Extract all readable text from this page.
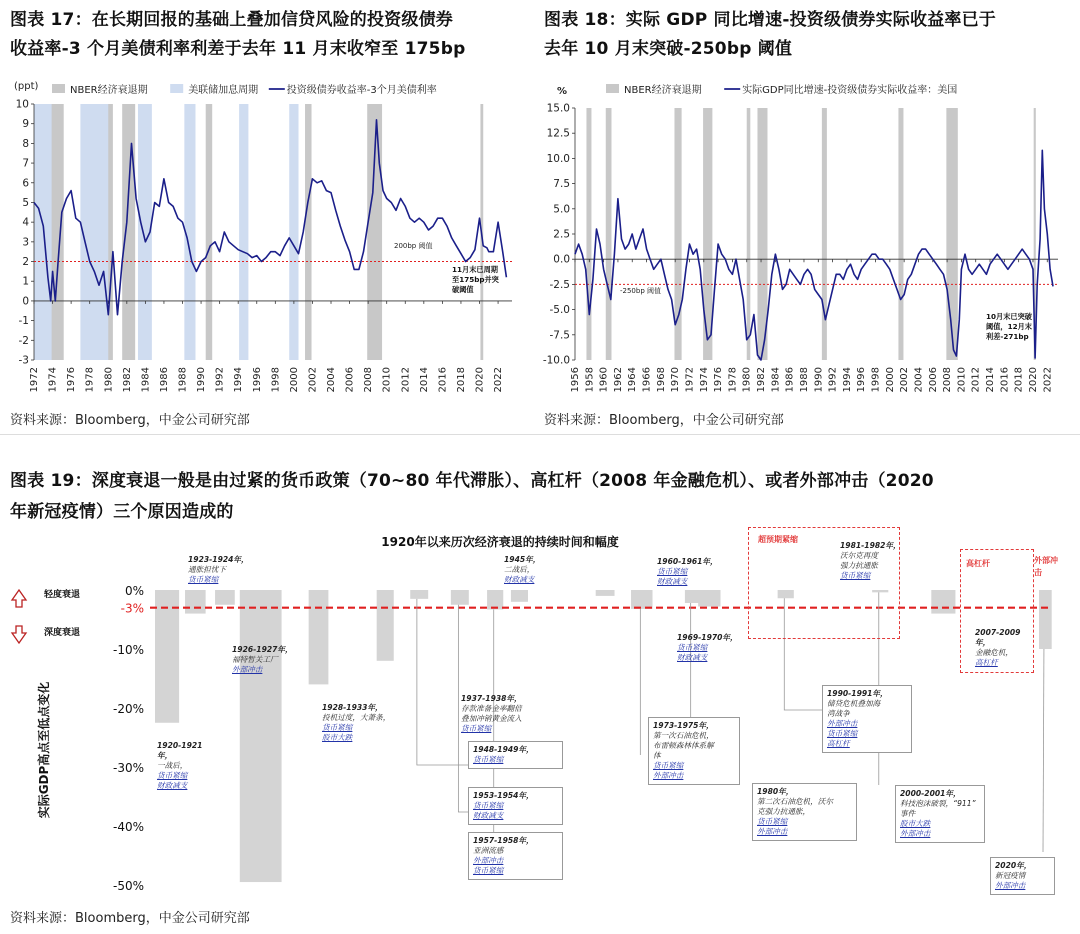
图表 17：在长期回报的基础上叠加信贷风险的投资级债券
收益率-3 个月美债利率利差于去年 11 月末收窄至 175bp
图表 18：实际 GDP 同比增速-投资级债券实际收益率已于
去年 10 月末突破-250bp 阈值
-3
-2
-1
0
1
2
3
4
5
6
7
8
9
10
1972 1974 1976 1978 1980 1982 1984 1986 1988 1990 1992 1994 1996 1998 2000 2002 2004 2006 2008 2010 2012 2014 2016 2018 2020 2022
200bp 阈值
11月末已周期
至175bp并突
破阈值
(ppt)	NBER经济衰退期	美联储加息周期	投资级债券收益率-3个月美债利率
-10.0
-7.5
-5.0
-2.5
0.0
2.5
5.0
7.5
10.0
12.5
15.0
1956 1958 1960 1962 1964 1966 1968 1970 1972 1974 1976 1978 1980 1982 1984 1986 1988 1990 1992 1994 1996 1998 2000 2002 2004 2006 2008 2010 2012 2014 2016 2018 2020 2022
-250bp 阈值
10月末已突破
阈值，12月末
利差-271bp
%	NBER经济衰退期	实际GDP同比增速-投资级债券实际收益率：美国
资料来源：Bloomberg，中金公司研究部	资料来源：Bloomberg，中金公司研究部
图表 19：深度衰退一般是由过紧的货币政策（70~80 年代滞胀）、高杠杆（2008 年金融危机）、或者外部冲击（2020
年新冠疫情）三个原因造成的
1920年以来历次经济衰退的持续时间和幅度
0%
-10%
-20%
-30%
-40%
-50%
-3%
实际GDP高点至低点变化
轻度衰退
深度衰退
1920-1921年，
一战后，
货币紧缩
财政减支
1923-1924年，
通胀担忧下
货币紧缩
1926-1927年，
福特暂关工厂
外部冲击
1928-1933年，
投机过度，大萧条，
货币紧缩
股市大跌
1937-1938年，
存款准备金率翻倍
叠加冲销黄金流入
货币紧缩
1945年，
二战后，
财政减支
1948-1949年，
货币紧缩
1953-1954年，
货币紧缩
财政减支
1957-1958年，
亚洲流感
外部冲击
货币紧缩
1960-1961年，
货币紧缩
财政减支
1969-1970年，
货币紧缩
财政减支
1973-1975年，
第一次石油危机，
布雷顿森林体系解
体
货币紧缩
外部冲击
1980年，
第二次石油危机，沃尔
克强力抗通胀，
货币紧缩
外部冲击
1981-1982年，
沃尔克再度
强力抗通胀
货币紧缩
1990-1991年，
储贷危机叠加海
湾战争
外部冲击
货币紧缩
高杠杆
2000-2001年，
科技泡沫破裂，“911”
事件
股市大跌
外部冲击
2007-2009年，
金融危机，
高杠杆
2020年，
新冠疫情
外部冲击
超预期紧缩
高杠杆	外部冲击
资料来源：Bloomberg，中金公司研究部
